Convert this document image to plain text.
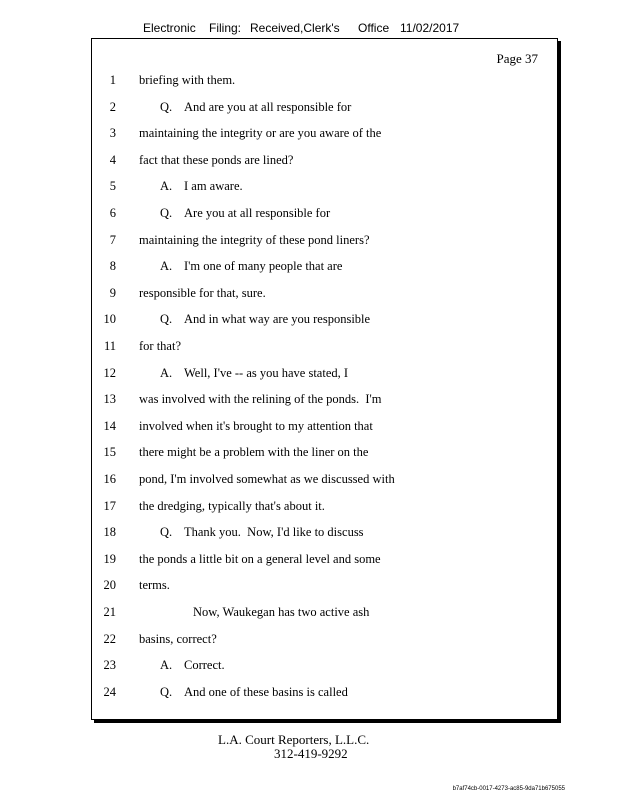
Electronic

Filing:

Received,Clerk's

Office

11/02/2017

Page 37
1 briefing with them.
2	Q. And are you at all responsible for
3 maintaining the integrity or are you aware of the
4 fact that these ponds are lined?
5	A. I am aware.
6	Q. Are you at all responsible for
7 maintaining the integrity of these pond liners?
8	A. I'm one of many people that are
9 responsible for that, sure.
10	Q. And in what way are you responsible
11 for that?
12	A. Well, I've -- as you have stated, I
13 was involved with the relining of the ponds.  I'm
14 involved when it's brought to my attention that
15 there might be a problem with the liner on the
16 pond, I'm involved somewhat as we discussed with
17 the dredging, typically that's about it.
18	Q. Thank you.  Now, I'd like to discuss
19 the ponds a little bit on a general level and some
20 terms.
21	Now, Waukegan has two active ash
22 basins, correct?
23	A. Correct.
24	Q. And one of these basins is called
L.A. Court Reporters, L.L.C.
312-419-9292
b7af74cb-0017-4273-ac85-9da71b675055
